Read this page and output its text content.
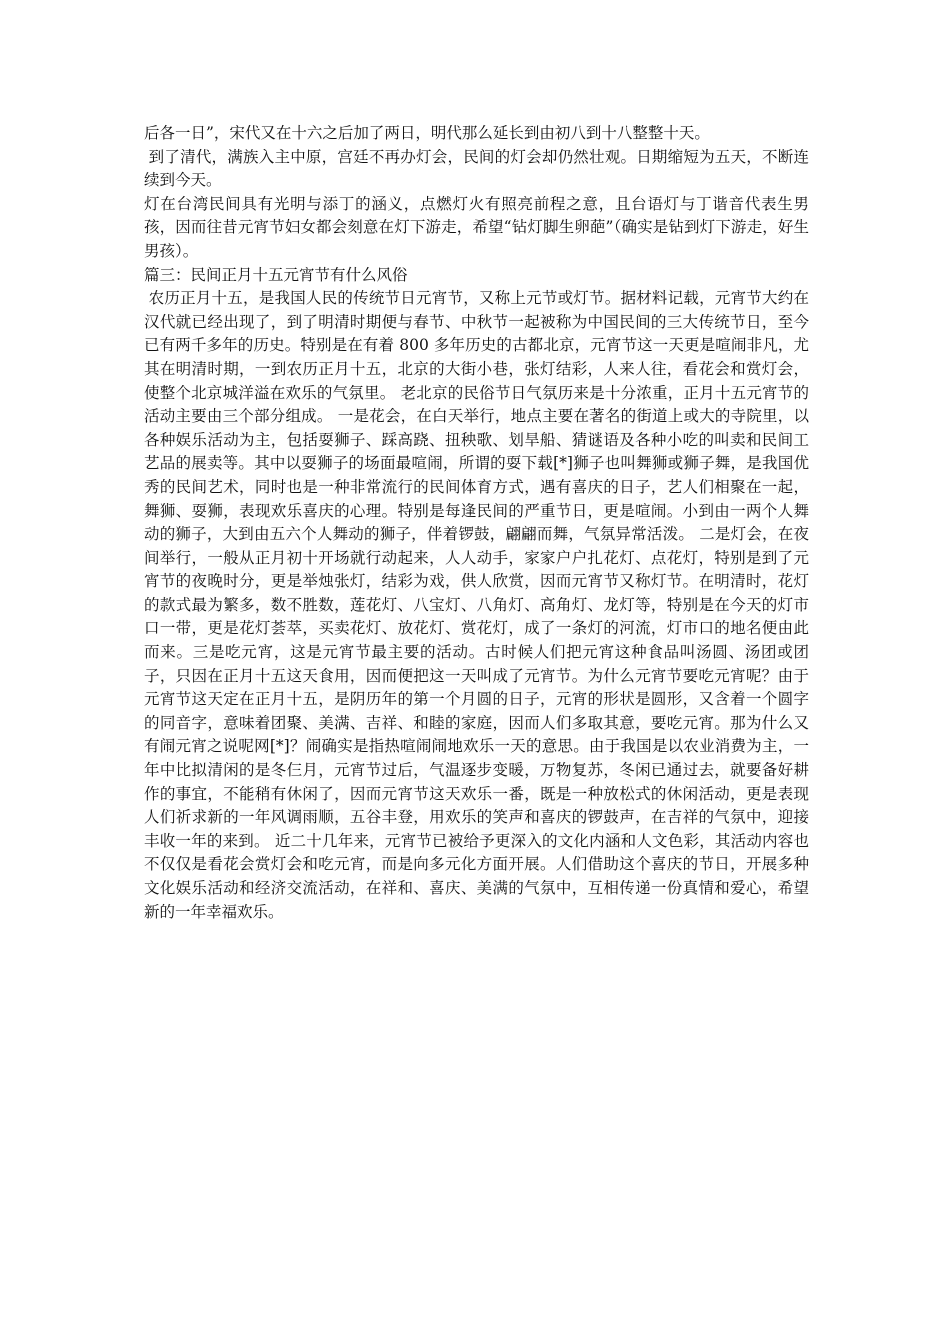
后各一日”，宋代又在十六之后加了两日，明代那么延长到由初八到十八整整十天。

到了清代，满族入主中原，宫廷不再办灯会，民间的灯会却仍然壮观。日期缩短为五天，不断连续到今天。

灯在台湾民间具有光明与添丁的涵义，点燃灯火有照亮前程之意，且台语灯与丁谐音代表生男孩，因而往昔元宵节妇女都会刻意在灯下游走，希望“钻灯脚生卵葩”（确实是钻到灯下游走，好生男孩）。

篇三：民间正月十五元宵节有什么风俗

农历正月十五，是我国人民的传统节日元宵节，又称上元节或灯节。据材料记载，元宵节大约在汉代就已经出现了，到了明清时期便与春节、中秋节一起被称为中国民间的三大传统节日，至今已有两千多年的历史。特别是在有着 800 多年历史的古都北京，元宵节这一天更是喧闹非凡，尤其在明清时期，一到农历正月十五，北京的大街小巷，张灯结彩，人来人往，看花会和赏灯会，使整个北京城洋溢在欢乐的气氛里。 老北京的民俗节日气氛历来是十分浓重，正月十五元宵节的活动主要由三个部分组成。 一是花会，在白天举行，地点主要在著名的街道上或大的寺院里，以各种娱乐活动为主，包括耍狮子、踩高跷、扭秧歌、划旱船、猜谜语及各种小吃的叫卖和民间工艺品的展卖等。其中以耍狮子的场面最喧闹，所谓的耍下载[*]狮子也叫舞狮或狮子舞，是我国优秀的民间艺术，同时也是一种非常流行的民间体育方式，遇有喜庆的日子，艺人们相聚在一起，舞狮、耍狮，表现欢乐喜庆的心理。特别是每逢民间的严重节日，更是喧闹。小到由一两个人舞动的狮子，大到由五六个人舞动的狮子，伴着锣鼓，翩翩而舞，气氛异常活泼。 二是灯会，在夜间举行，一般从正月初十开场就行动起来，人人动手，家家户户扎花灯、点花灯，特别是到了元宵节的夜晚时分，更是举烛张灯，结彩为戏，供人欣赏，因而元宵节又称灯节。在明清时，花灯的款式最为繁多，数不胜数，莲花灯、八宝灯、八角灯、高角灯、龙灯等，特别是在今天的灯市口一带，更是花灯荟萃，买卖花灯、放花灯、赏花灯，成了一条灯的河流，灯市口的地名便由此而来。三是吃元宵，这是元宵节最主要的活动。古时候人们把元宵这种食品叫汤圆、汤团或团子，只因在正月十五这天食用，因而便把这一天叫成了元宵节。为什么元宵节要吃元宵呢？由于元宵节这天定在正月十五，是阴历年的第一个月圆的日子，元宵的形状是圆形，又含着一个圆字的同音字，意味着团聚、美满、吉祥、和睦的家庭，因而人们多取其意，要吃元宵。那为什么又有闹元宵之说呢网[*]？闹确实是指热喧闹闹地欢乐一天的意思。由于我国是以农业消费为主，一年中比拟清闲的是冬仨月，元宵节过后，气温逐步变暖，万物复苏，冬闲已通过去，就要备好耕作的事宜，不能稍有休闲了，因而元宵节这天欢乐一番，既是一种放松式的休闲活动，更是表现人们祈求新的一年风调雨顺，五谷丰登，用欢乐的笑声和喜庆的锣鼓声，在吉祥的气氛中，迎接丰收一年的来到。 近二十几年来，元宵节已被给予更深入的文化内涵和人文色彩，其活动内容也不仅仅是看花会赏灯会和吃元宵，而是向多元化方面开展。人们借助这个喜庆的节日，开展多种文化娱乐活动和经济交流活动，在祥和、喜庆、美满的气氛中，互相传递一份真情和爱心，希望新的一年幸福欢乐。
